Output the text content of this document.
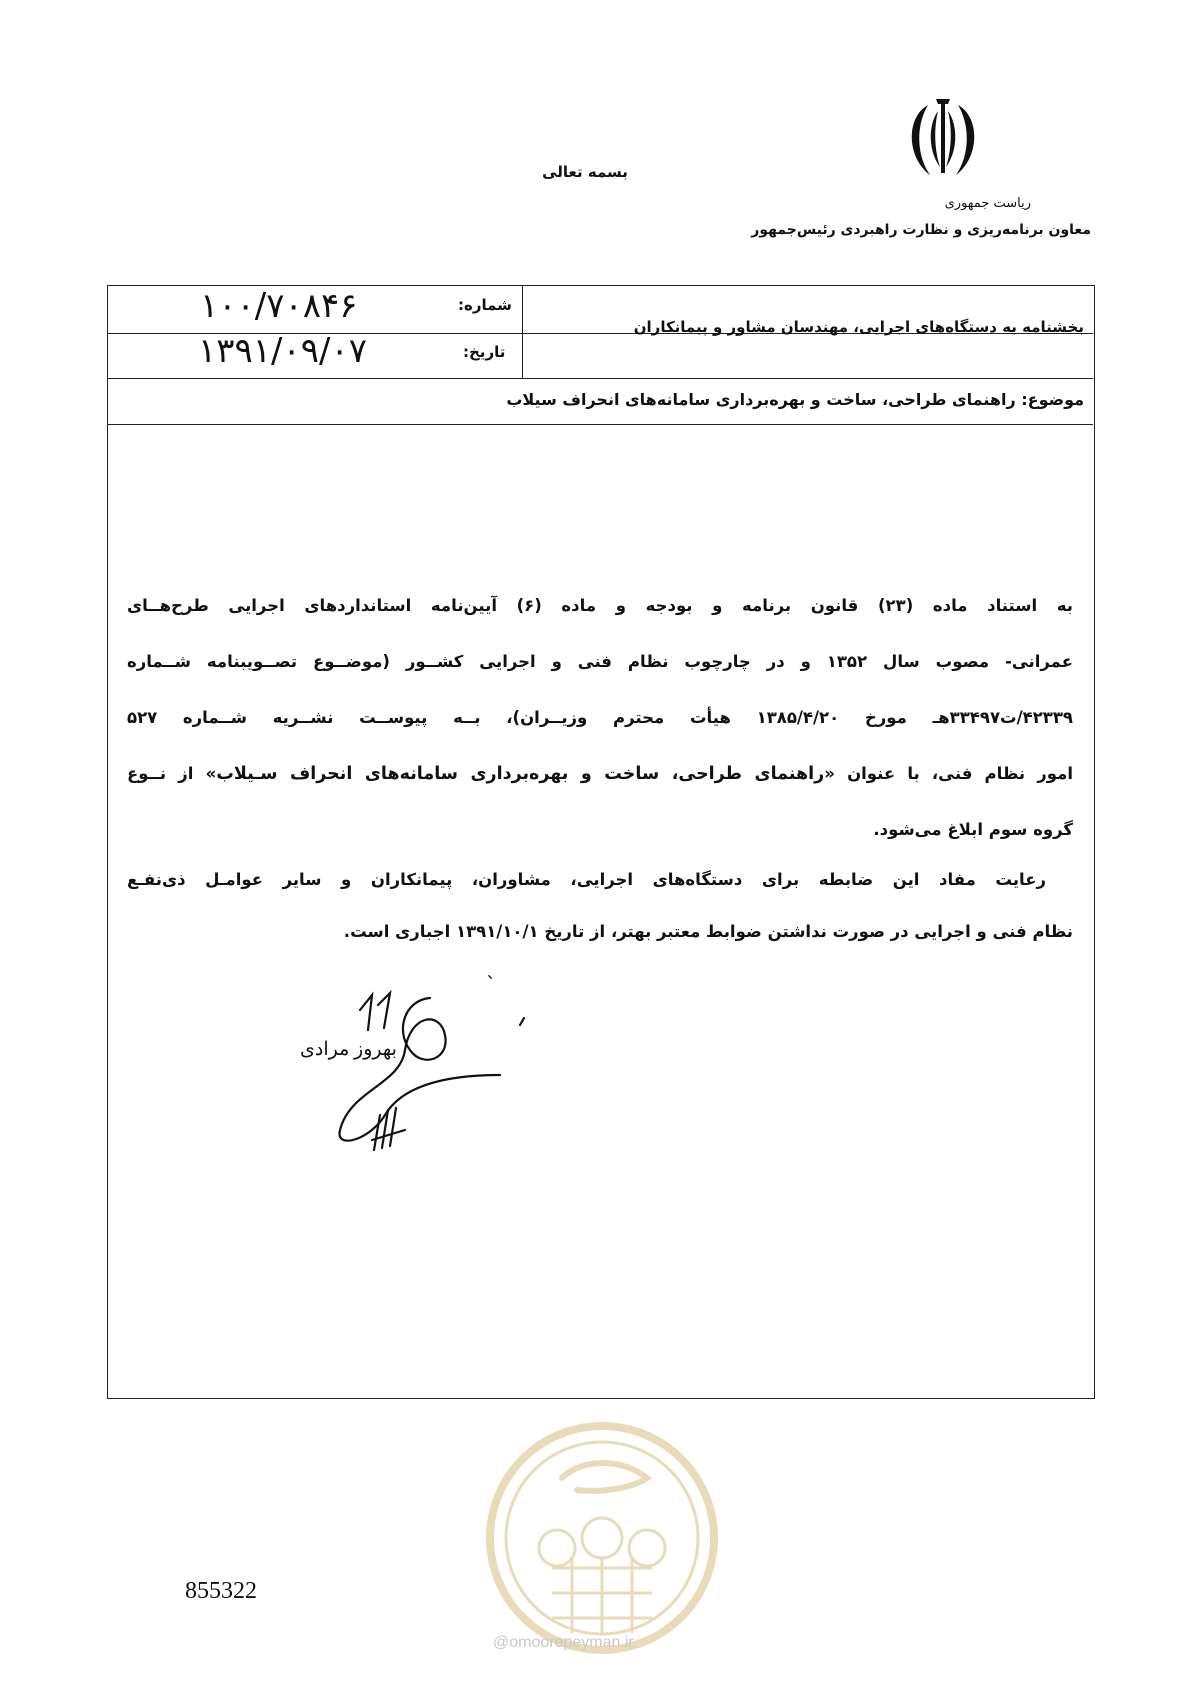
بسمه تعالی
ریاست جمهوری
معاون برنامه‌ریزی و نظارت راهبردی رئیس‌جمهور
بخشنامه به دستگاه‌های اجرایی، مهندسان مشاور و پیمانکاران
شماره:
۱۰۰/۷۰۸۴۶
تاریخ:
۱۳۹۱/۰۹/۰۷
موضوع: راهنمای طراحی، ساخت و بهره‌برداری سامانه‌های انحراف سیلاب
به استناد ماده (۲۳) قانون برنامه و بودجه و ماده (۶) آیین‌نامه استانداردهای اجرایی طرح‌هــای
عمرانی- مصوب سال ۱۳۵۲ و در چارچوب نظام فنی و اجرایی کشــور (موضــوع تصــویبنامه شــماره
۴۲۳۳۹/ت۳۳۴۹۷هـ مورخ ۱۳۸۵/۴/۲۰ هیأت محترم وزیــران)، بــه پیوســت نشــریه شــماره ۵۲۷
امور نظام فنی، با عنوان «راهنمای طراحی، ساخت و بهره‌برداری سامانه‌های انحراف سـیلاب» از نــوع
گروه سوم ابلاغ می‌شود.
رعایت مفاد این ضابطه برای دستگاه‌های اجرایی، مشاوران، پیمانکاران و سایر عوامـل ذی‌نفـع
نظام فنی و اجرایی در صورت نداشتن ضوابط معتبر بهتر، از تاریخ ۱۳۹۱/۱۰/۱ اجباری است.
بهروز مرادی
ˎ
855322
@omoorepeyman.ir
